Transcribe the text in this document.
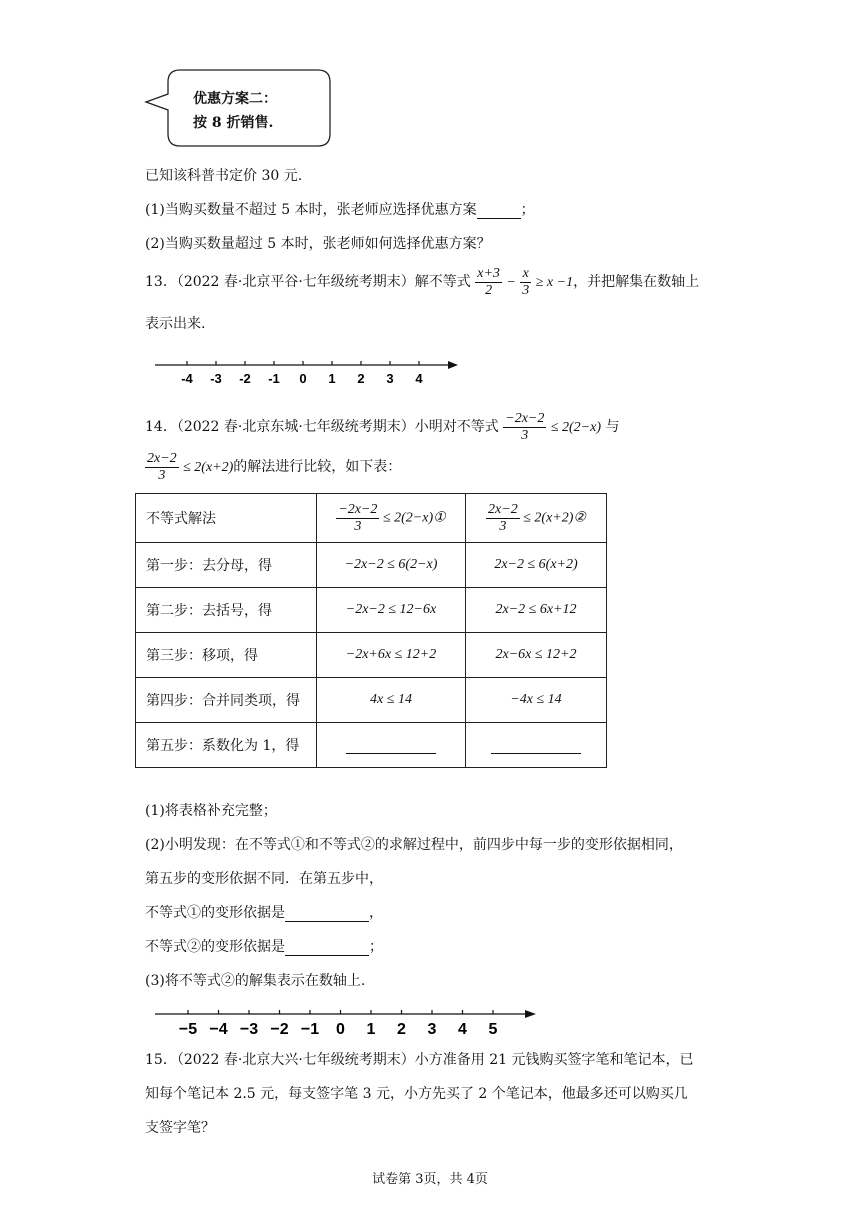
优惠方案二：
按 8 折销售.
已知该科普书定价 30 元.
(1)当购买数量不超过 5 本时，张老师应选择优惠方案	；
(2)当购买数量超过 5 本时，张老师如何选择优惠方案？
13．（2022 春·北京平谷·七年级统考期末）解不等式 $\frac{x+3}{2} - \frac{x}{3} \ge x -1$，并把解集在数轴上
表示出来.
-4 -3 -2 -1 0 1 2 3 4
14．（2022 春·北京东城·七年级统考期末）小明对不等式 $\frac{-2x-2}{3} \le 2(2-x)$ 与
$\frac{2x-2}{3} \le 2(x+2)$的解法进行比较，如下表：
不等式解法	$\frac{-2x-2}{3}$ ≤ 2(2−x)①	$\frac{2x-2}{3}$ ≤ 2(x+2)②
第一步：去分母，得	−2x−2 ≤ 6(2−x)	2x−2 ≤ 6(x+2)
第二步：去括号，得	−2x−2 ≤ 12−6x	2x−2 ≤ 6x+12
第三步：移项，得	−2x+6x ≤ 12+2	2x−6x ≤ 12+2
第四步：合并同类项，得	4x ≤ 14	−4x ≤ 14
第五步：系数化为 1，得		
(1)将表格补充完整；
(2)小明发现：在不等式①和不等式②的求解过程中，前四步中每一步的变形依据相同，
第五步的变形依据不同．在第五步中，
不等式①的变形依据是	，
不等式②的变形依据是	；
(3)将不等式②的解集表示在数轴上.
−5 −4 −3 −2 −1 0 1 2 3 4 5
15．（2022 春·北京大兴·七年级统考期末）小方准备用 21 元钱购买签字笔和笔记本，已
知每个笔记本 2.5 元，每支签字笔 3 元，小方先买了 2 个笔记本，他最多还可以购买几
支签字笔？
试卷第 3页，共 4页
